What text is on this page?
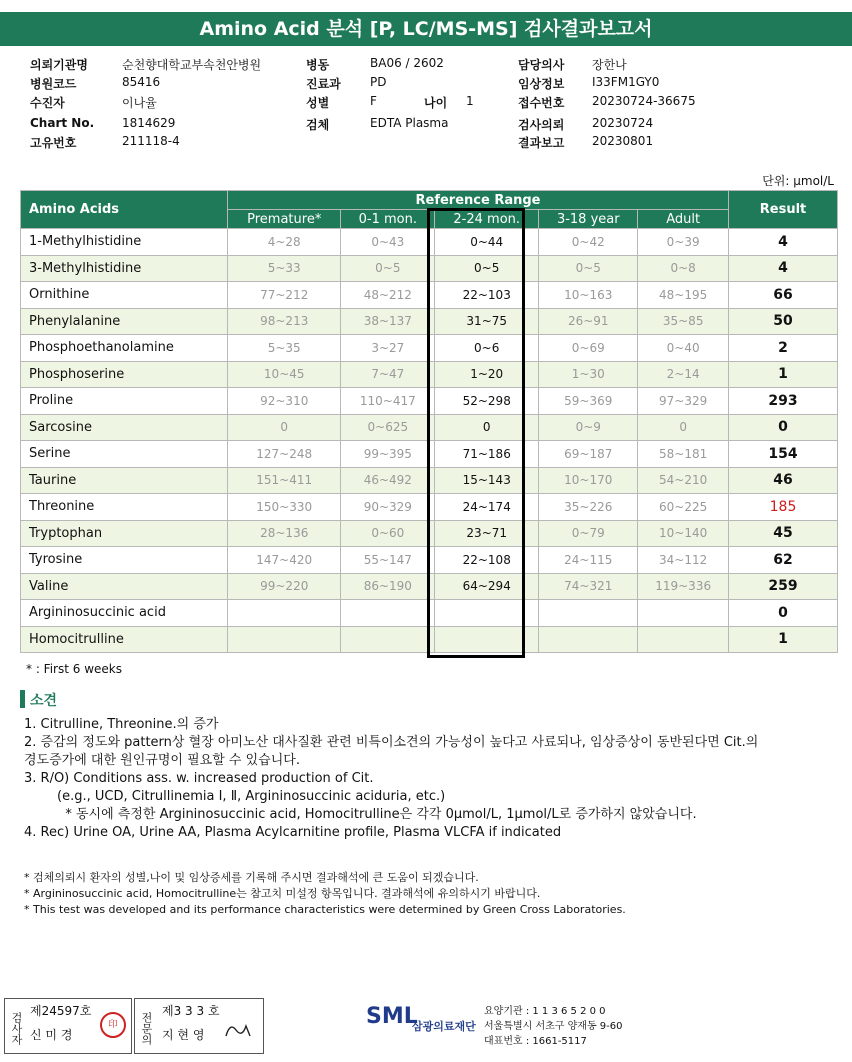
Amino Acid 분석 [P, LC/MS-MS] 검사결과보고서
의뢰기관명	순천향대학교부속천안병원
병원코드	85416
수진자	이나율
Chart No. 1814629
고유번호	211118-4
병동	BA06 / 2602
진료과 PD
성별	F
검체	EDTA Plasma
나이 1
담당의사 장한나
임상정보 I33FM1GY0
접수번호 20230724-36675
검사의뢰 20230724
결과보고 20230801
단위: μmol/L
Amino Acids	Reference Range					Result
	Premature*	0-1 mon.	2-24 mon.	3-18 year	Adult	
1-Methylhistidine	4~28	0~43	0~44	0~42	0~39	4
3-Methylhistidine	5~33	0~5	0~5	0~5	0~8	4
Ornithine	77~212	48~212	22~103	10~163	48~195	66
Phenylalanine	98~213	38~137	31~75	26~91	35~85	50
Phosphoethanolamine	5~35	3~27	0~6	0~69	0~40	2
Phosphoserine	10~45	7~47	1~20	1~30	2~14	1
Proline	92~310	110~417	52~298	59~369	97~329	293
Sarcosine	0	0~625	0	0~9	0	0
Serine	127~248	99~395	71~186	69~187	58~181	154
Taurine	151~411	46~492	15~143	10~170	54~210	46
Threonine	150~330	90~329	24~174	35~226	60~225	185
Tryptophan	28~136	0~60	23~71	0~79	10~140	45
Tyrosine	147~420	55~147	22~108	24~115	34~112	62
Valine	99~220	86~190	64~294	74~321	119~336	259
Argininosuccinic acid						0
Homocitrulline						1
* : First 6 weeks
소견
1. Citrulline, Threonine.의 증가
2. 증감의 정도와 pattern상 혈장 아미노산 대사질환 관련 비특이소견의 가능성이 높다고 사료되나, 임상증상이 동반된다면 Cit.의
경도증가에 대한 원인규명이 필요할 수 있습니다.
3. R/O) Conditions ass. w. increased production of Cit.
(e.g., UCD, Citrullinemia Ⅰ, Ⅱ, Argininosuccinic aciduria, etc.)
* 동시에 측정한 Argininosuccinic acid, Homocitrulline은 각각 0μmol/L, 1μmol/L로 증가하지 않았습니다.
4. Rec) Urine OA, Urine AA, Plasma Acylcarnitine profile, Plasma VLCFA if indicated
* 검체의뢰시 환자의 성별,나이 및 임상증세를 기록해 주시면 결과해석에 큰 도움이 되겠습니다.
* Argininosuccinic acid, Homocitrulline는 참고치 미설정 항목입니다. 결과해석에 유의하시기 바랍니다.
* This test was developed and its performance characteristics were determined by Green Cross Laboratories.
검사자
제24597호
신 미 경
印	전문의
제3 3 3 호
지 현 영
SML
삼광의료재단
요양기관 : 1 1 3 6 5 2 0 0
서울특별시 서초구 양재동 9-60
대표번호 : 1661-5117
